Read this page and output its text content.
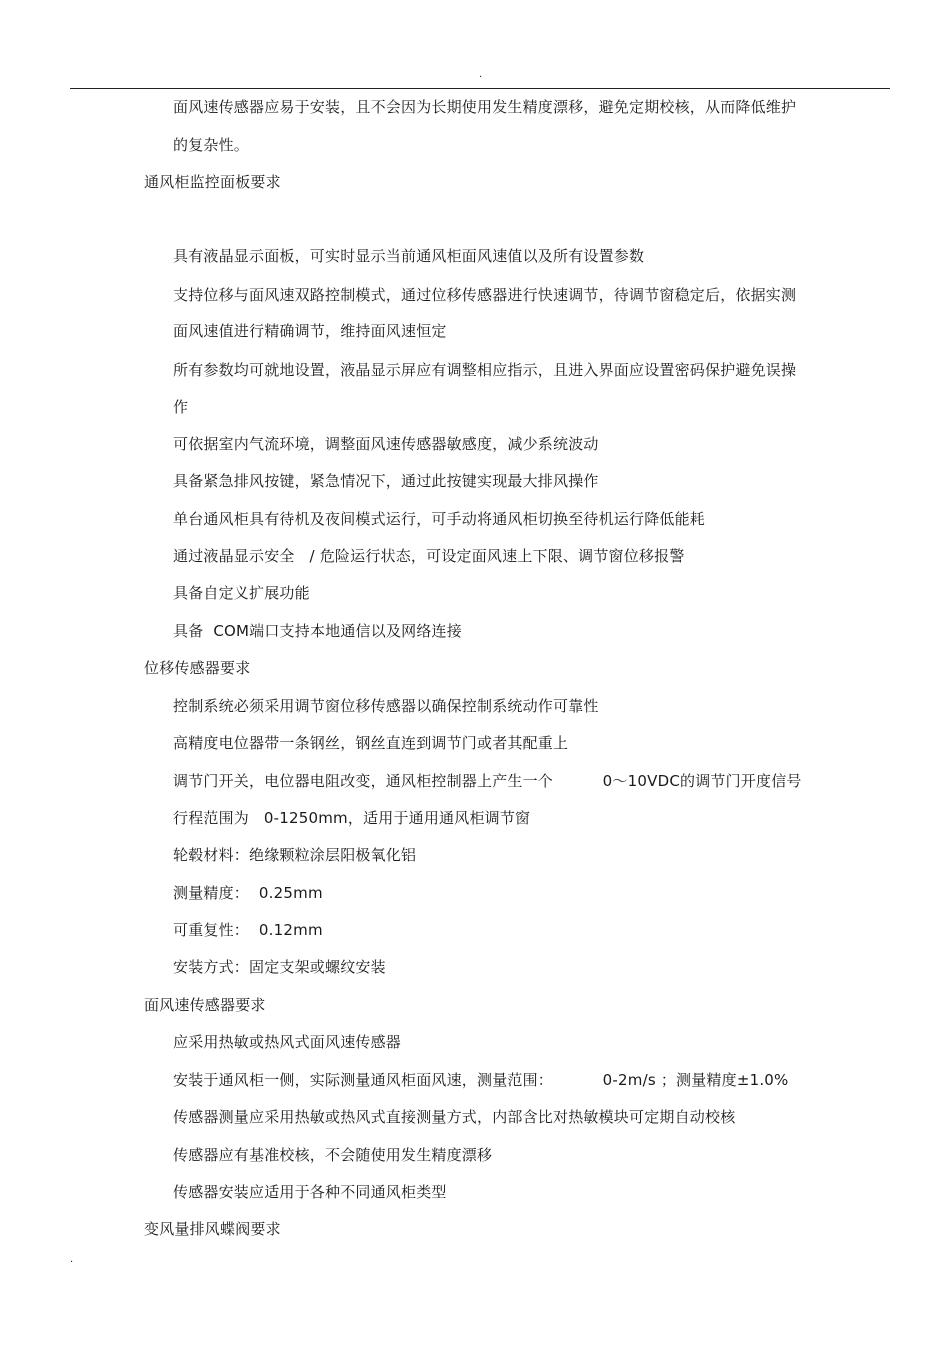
.
面风速传感器应易于安装，且不会因为长期使用发生精度漂移，避免定期校核，从而降低维护
的复杂性。
通风柜监控面板要求
具有液晶显示面板，可实时显示当前通风柜面风速值以及所有设置参数
支持位移与面风速双路控制模式，通过位移传感器进行快速调节，待调节窗稳定后，依据实测
面风速值进行精确调节，维持面风速恒定
所有参数均可就地设置，液晶显示屏应有调整相应指示，且进入界面应设置密码保护避免误操
作
可依据室内气流环境，调整面风速传感器敏感度，减少系统波动
具备紧急排风按键，紧急情况下，通过此按键实现最大排风操作
单台通风柜具有待机及夜间模式运行，可手动将通风柜切换至待机运行降低能耗
通过液晶显示安全   / 危险运行状态，可设定面风速上下限、调节窗位移报警
具备自定义扩展功能
具备  COM端口支持本地通信以及网络连接
位移传感器要求
控制系统必须采用调节窗位移传感器以确保控制系统动作可靠性
高精度电位器带一条钢丝，钢丝直连到调节门或者其配重上
调节门开关，电位器电阻改变，通风柜控制器上产生一个          0～10VDC的调节门开度信号
行程范围为   0-1250mm，适用于通用通风柜调节窗
轮毂材料：绝缘颗粒涂层阳极氧化铝
测量精度：  0.25mm
可重复性：  0.12mm
安装方式：固定支架或螺纹安装
面风速传感器要求
应采用热敏或热风式面风速传感器
安装于通风柜一侧，实际测量通风柜面风速，测量范围：          0-2m/s ；测量精度±1.0%
传感器测量应采用热敏或热风式直接测量方式，内部含比对热敏模块可定期自动校核
传感器应有基准校核，不会随使用发生精度漂移
传感器安装应适用于各种不同通风柜类型
变风量排风蝶阀要求
.
